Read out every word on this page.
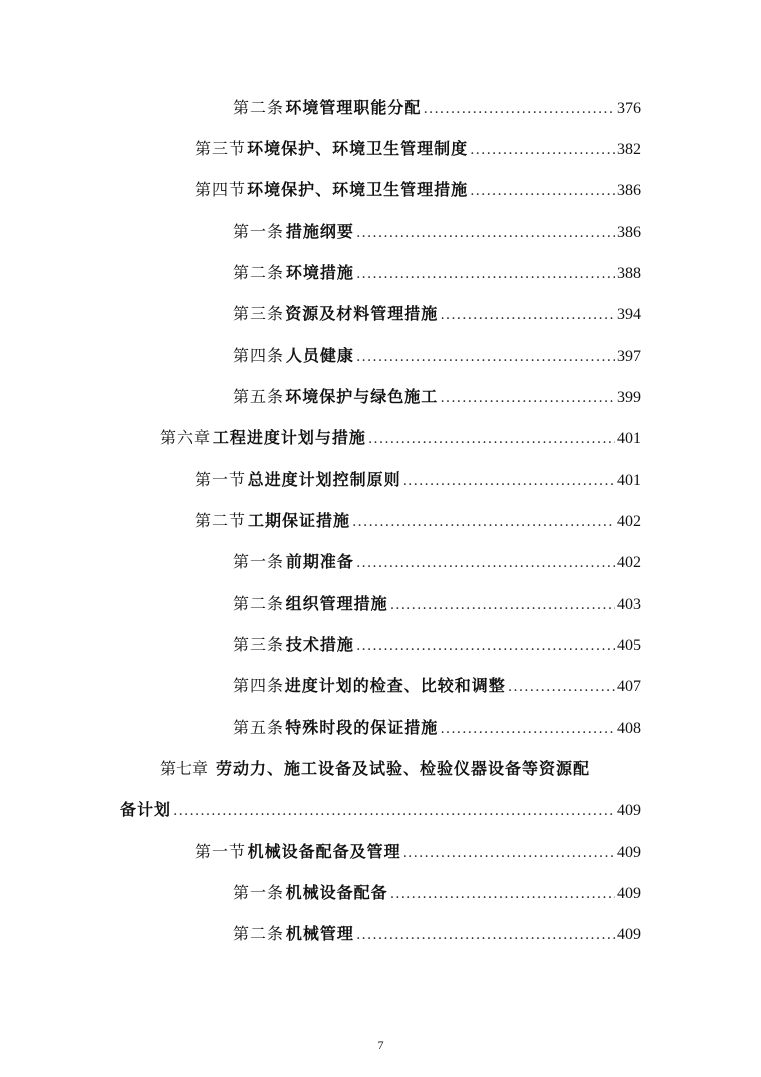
第二条 环境管理职能分配 .....	376
第三节 环境保护、环境卫生管理制度 .....	382
第四节 环境保护、环境卫生管理措施 .....	386
第一条 措施纲要 .....	386
第二条 环境措施 .....	388
第三条 资源及材料管理措施 .....	394
第四条 人员健康 .....	397
第五条 环境保护与绿色施工 .....	399
第六章 工程进度计划与措施 .....	401
第一节 总进度计划控制原则 .....	401
第二节 工期保证措施 .....	402
第一条 前期准备 .....	402
第二条 组织管理措施 .....	403
第三条 技术措施 .....	405
第四条 进度计划的检查、比较和调整 .....	407
第五条 特殊时段的保证措施 .....	408
第七章 劳动力、施工设备及试验、检验仪器设备等资源配
备计划 .....	409
第一节 机械设备配备及管理 .....	409
第一条 机械设备配备 .....	409
第二条 机械管理 .....	409
7
